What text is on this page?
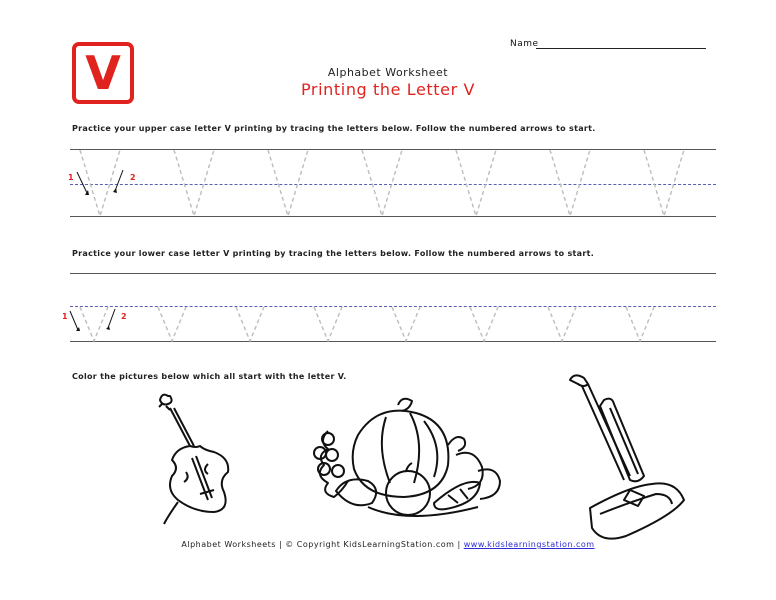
V
Name
Alphabet Worksheet
Printing the Letter V
Practice your upper case letter V printing by tracing the letters below. Follow the numbered arrows to start.
1	2
Practice your lower case letter V printing by tracing the letters below. Follow the numbered arrows to start.
1	2
Color the pictures below which all start with the letter V.
Alphabet Worksheets | © Copyright KidsLearningStation.com | www.kidslearningstation.com
